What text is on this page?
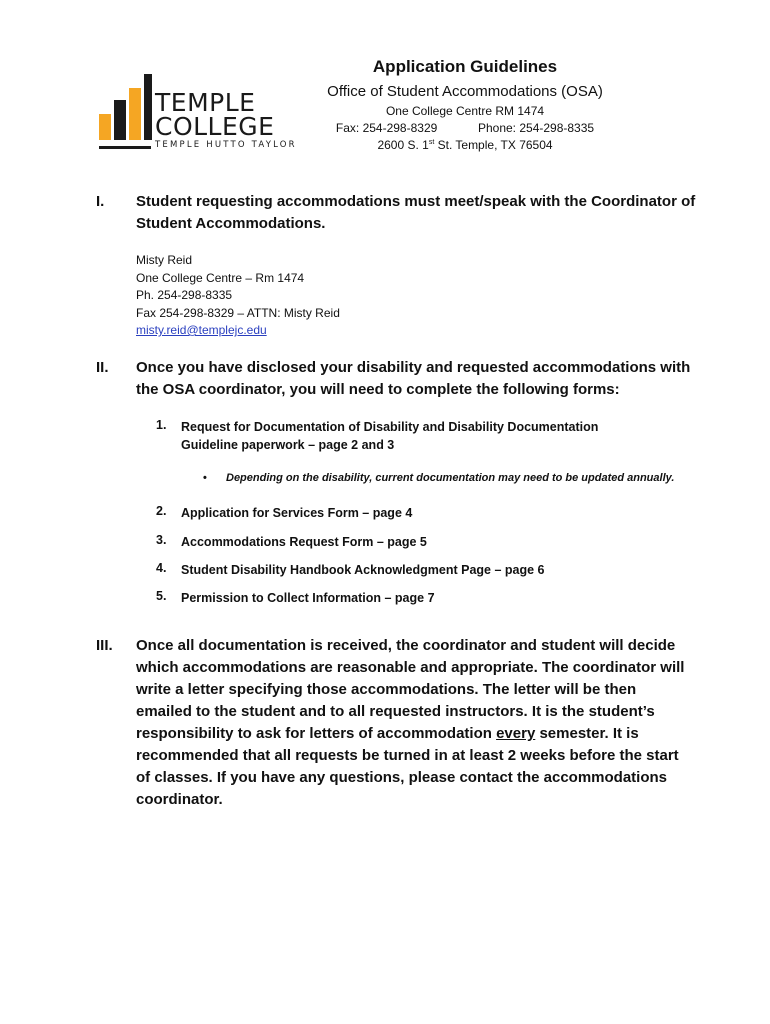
TEMPLE
COLLEGE
TEMPLE HUTTO TAYLOR
Application Guidelines
Office of Student Accommodations (OSA)
One College Centre RM 1474
Fax: 254-298-8329	Phone: 254-298-8335
2600 S. 1st St. Temple, TX 76504
I. Student requesting accommodations must meet/speak with the Coordinator of Student Accommodations.
Misty Reid
One College Centre – Rm 1474
Ph. 254-298-8335
Fax 254-298-8329 – ATTN: Misty Reid
misty.reid@templejc.edu
II. Once you have disclosed your disability and requested accommodations with the OSA coordinator, you will need to complete the following forms:
1. Request for Documentation of Disability and Disability Documentation Guideline paperwork – page 2 and 3
2. Application for Services Form – page 4
3. Accommodations Request Form – page 5
4. Student Disability Handbook Acknowledgment Page – page 6
5. Permission to Collect Information – page 7
• Depending on the disability, current documentation may need to be updated annually.
III. Once all documentation is received, the coordinator and student will decide which accommodations are reasonable and appropriate. The coordinator will write a letter specifying those accommodations. The letter will be then emailed to the student and to all requested instructors. It is the student’s responsibility to ask for letters of accommodation every semester. It is recommended that all requests be turned in at least 2 weeks before the start of classes. If you have any questions, please contact the accommodations coordinator.
